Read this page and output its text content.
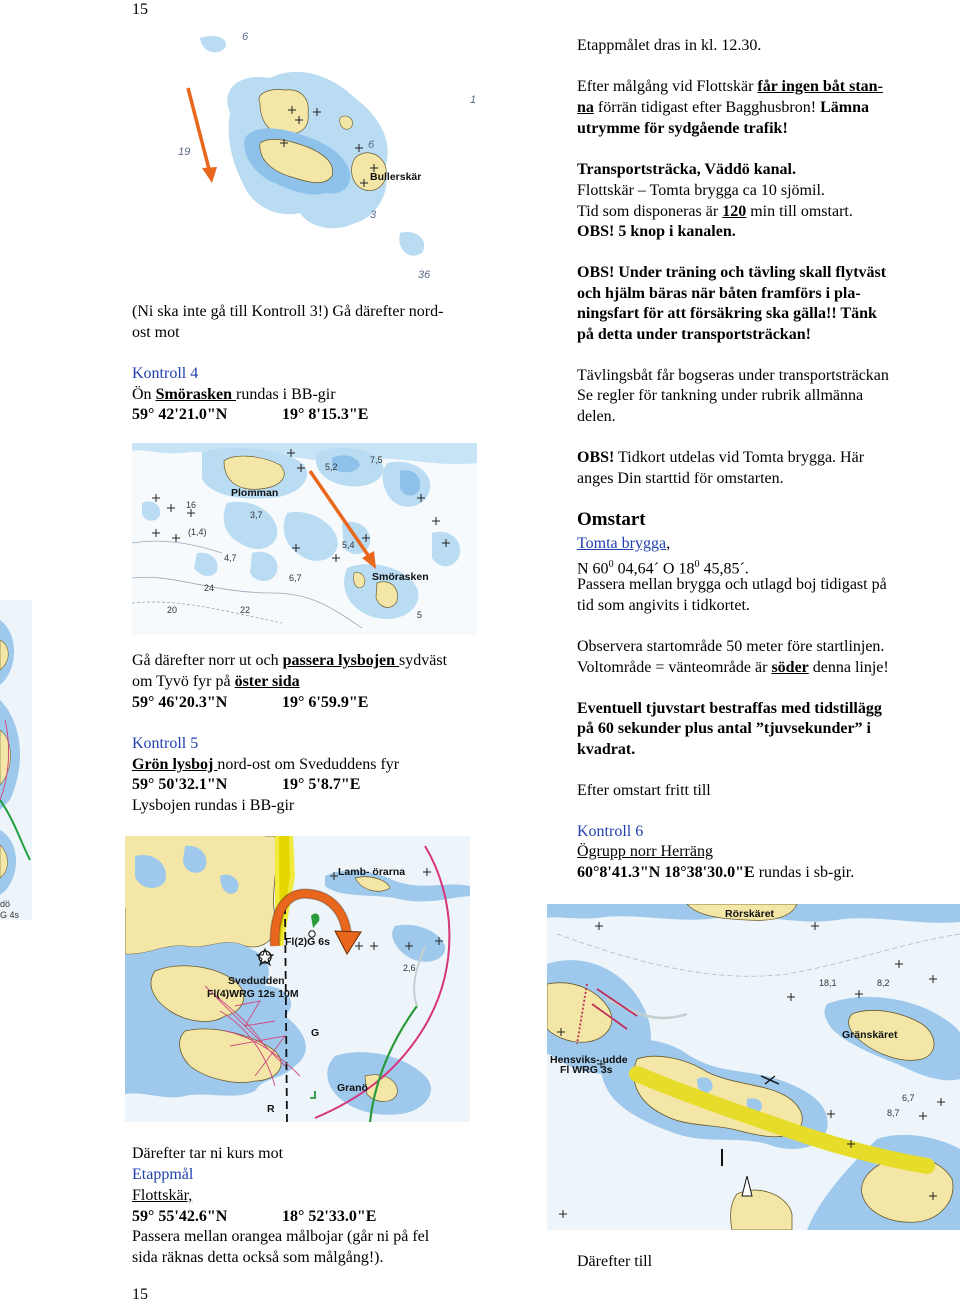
15
dö
G 4s
6
19
6
3
36
Bullerskär
1
(Ni ska inte gå till Kontroll 3!) Gå därefter nord-
ost mot
Kontroll 4
Ön Smörasken rundas i BB-gir
59° 42'21.0"N	19° 8'15.3"E
Plomman
Smörasken
7,5
5,2
16
3,7
(1,4)
4,7
5,4
6,7
24
20	22	5
Gå därefter norr ut och passera lysbojen sydväst
om Tyvö fyr på öster sida
59° 46'20.3"N	19° 6'59.9"E
Kontroll 5
Grön lysboj nord-ost om Sveduddens fyr
59° 50'32.1"N	19° 5'8.7"E
Lysbojen rundas i BB-gir
Lamb- örarna
Fl(2)G 6s
Svedudden
Fl(4)WRG 12s 10M
G
Granö
R
2,6
Därefter tar ni kurs mot
Etappmål
Flottskär,
59° 55'42.6"N	18° 52'33.0"E
Passera mellan orangea målbojar (går ni på fel
sida räknas detta också som målgång!).
15
Etappmålet dras in kl. 12.30.
Efter målgång vid Flottskär får ingen båt stan-
na förrän tidigast efter Bagghusbron! Lämna
utrymme för sydgående trafik!
Transportsträcka, Väddö kanal.
Flottskär – Tomta brygga ca 10 sjömil.
Tid som disponeras är 120 min till omstart.
OBS! 5 knop i kanalen.
OBS! Under träning och tävling skall flytväst
och hjälm bäras när båten framförs i pla-
ningsfart för att försäkring ska gälla!! Tänk
på detta under transportsträckan!
Tävlingsbåt får bogseras under transportsträckan
Se regler för tankning under rubrik allmänna
delen.
OBS! Tidkort utdelas vid Tomta brygga. Här
anges Din starttid för omstarten.
Omstart
Tomta brygga,
N $60^0$ 04,64´ O $18^0$ 45,85´.
Passera mellan brygga och utlagd boj tidigast på
tid som angivits i tidkortet.
Observera startområde 50 meter före startlinjen.
Voltområde = vänteområde är söder denna linje!
Eventuell tjuvstart bestraffas med tidstillägg
på 60 sekunder plus antal ”tjuvsekunder” i
kvadrat.
Efter omstart fritt till
Kontroll 6
Ögrupp norr Herräng
60°8'41.3"N 18°38'30.0"E rundas i sb-gir.
Rörskäret
Gränskäret
Hensviks- udde
Fl WRG 3s
18,1	8,2
6,7
8,7
Därefter till
